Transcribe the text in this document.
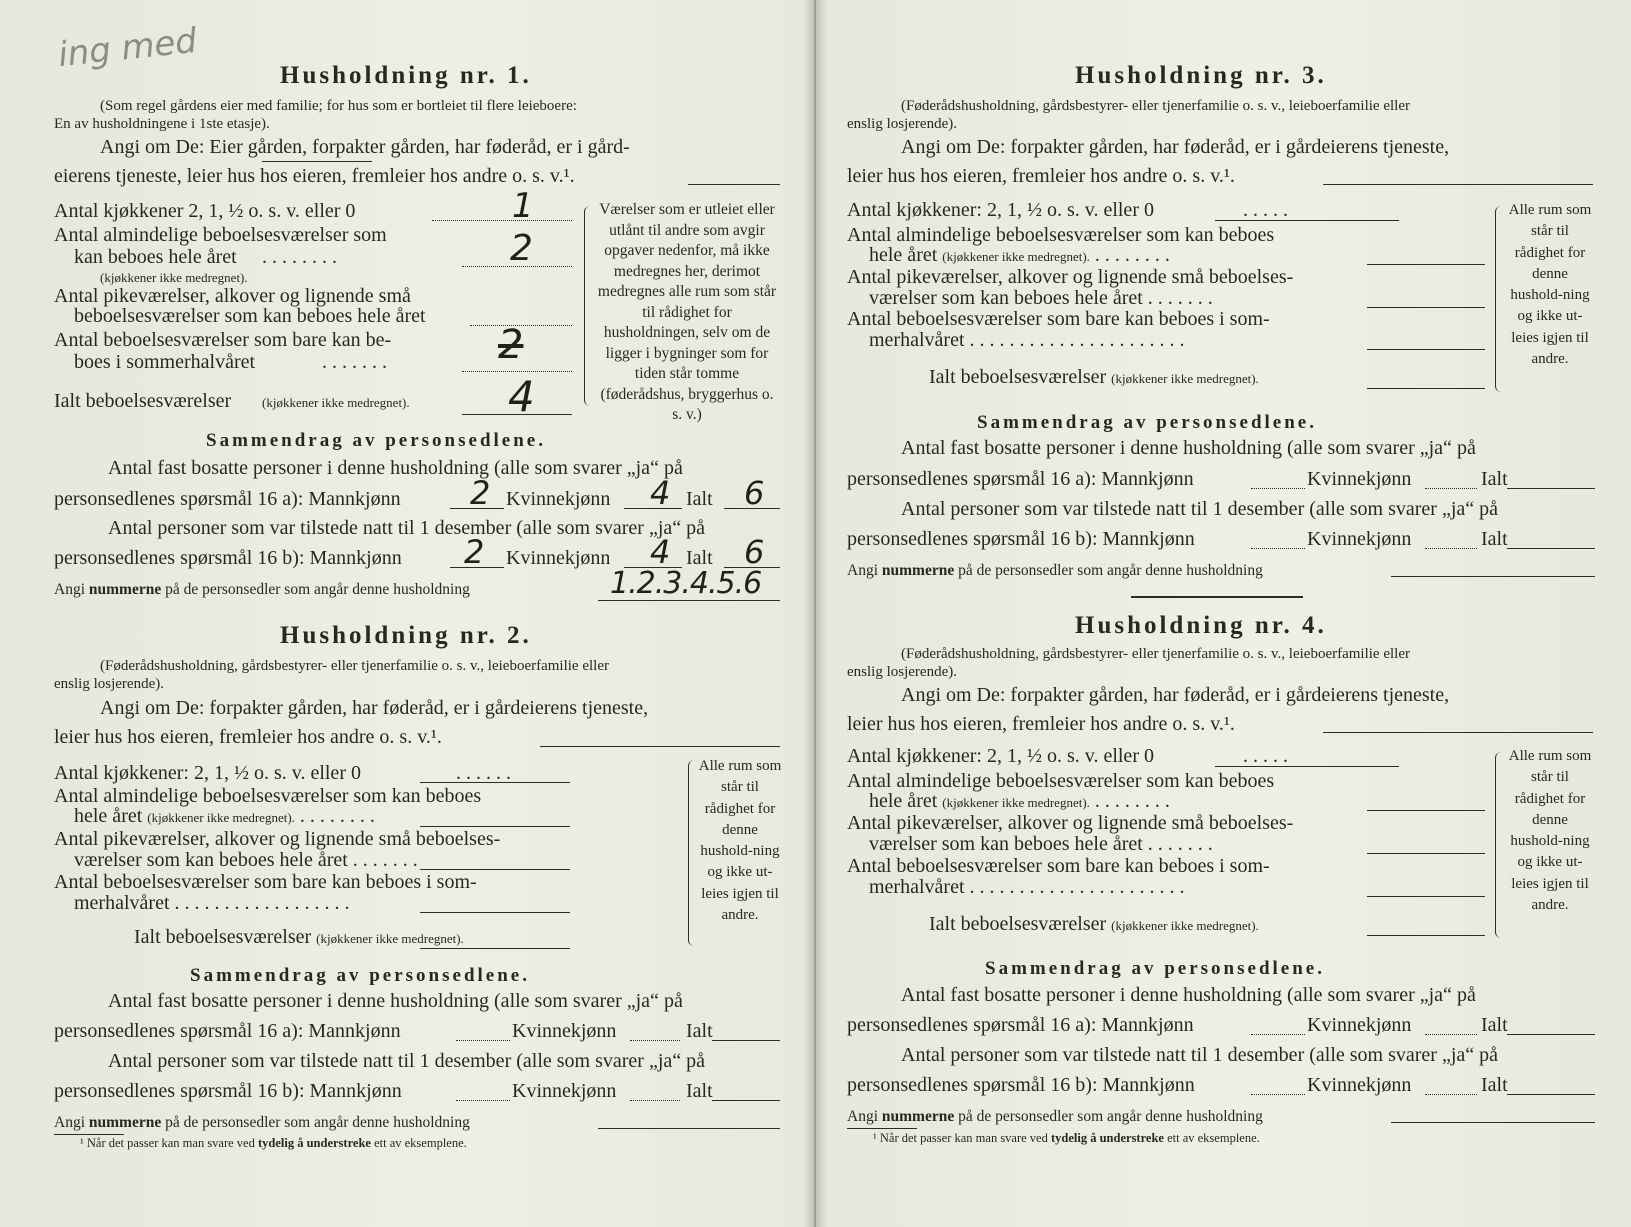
ing med
Husholdning nr. 1.
(Som regel gårdens eier med familie; for hus som er bortleiet til flere leieboere:
En av husholdningene i 1ste etasje).
Angi om De: Eier gården, forpakter gården, har føderåd, er i gård-
eierens tjeneste, leier hus hos eieren, fremleier hos andre o. s. v.¹.
Antal kjøkkener 2, 1, ½ o. s. v. eller 0	1
Antal almindelige beboelsesværelser som
kan beboes hele året . . . . . . . .
(kjøkkener ikke medregnet).
2
Antal pikeværelser, alkover og lignende små
beboelsesværelser som kan beboes hele året
Antal beboelsesværelser som bare kan be-
boes i sommerhalvåret	. . . . . . .	2
Ialt beboelsesværelser (kjøkkener ikke medregnet). 4
Værelser som er utleiet eller utlånt til andre som avgir opgaver nedenfor, må ikke medregnes her, derimot medregnes alle rum som står til rådighet for husholdningen, selv om de ligger i bygninger som for tiden står tomme (føderådshus, bryggerhus o. s. v.)
Sammendrag av personsedlene.
Antal fast bosatte personer i denne husholdning (alle som svarer „ja“ på
personsedlenes spørsmål 16 a): Mannkjønn 2 Kvinnekjønn 4 Ialt 6
Antal personer som var tilstede natt til 1 desember (alle som svarer „ja“ på
personsedlenes spørsmål 16 b): Mannkjønn 2 Kvinnekjønn 4 Ialt 6
Angi nummerne på de personsedler som angår denne husholdning	1.2.3.4.5.6
Husholdning nr. 2.
(Føderådshusholdning, gårdsbestyrer- eller tjenerfamilie o. s. v., leieboerfamilie eller
enslig losjerende).
Angi om De: forpakter gården, har føderåd, er i gårdeierens tjeneste,
leier hus hos eieren, fremleier hos andre o. s. v.¹.
Antal kjøkkener: 2, 1, ½ o. s. v. eller 0	. . . . . .
Antal almindelige beboelsesværelser som kan beboes
hele året (kjøkkener ikke medregnet). . . . . . . . .
Antal pikeværelser, alkover og lignende små beboelses-
værelser som kan beboes hele året . . . . . . .
Antal beboelsesværelser som bare kan beboes i som-
merhalvåret . . . . . . . . . . . . . . . . . .
Ialt beboelsesværelser (kjøkkener ikke medregnet).
Alle rum som står til rådighet for denne hushold-ning og ikke ut-leies igjen til andre.
Sammendrag av personsedlene.
Antal fast bosatte personer i denne husholdning (alle som svarer „ja“ på
personsedlenes spørsmål 16 a): Mannkjønn	Kvinnekjønn	Ialt
Antal personer som var tilstede natt til 1 desember (alle som svarer „ja“ på
personsedlenes spørsmål 16 b): Mannkjønn	Kvinnekjønn	Ialt
Angi nummerne på de personsedler som angår denne husholdning
¹ Når det passer kan man svare ved tydelig å understreke ett av eksemplene.
Husholdning nr. 3.
(Føderådshusholdning, gårdsbestyrer- eller tjenerfamilie o. s. v., leieboerfamilie eller
enslig losjerende).
Angi om De: forpakter gården, har føderåd, er i gårdeierens tjeneste,
leier hus hos eieren, fremleier hos andre o. s. v.¹.
Antal kjøkkener: 2, 1, ½ o. s. v. eller 0	. . . . .
Antal almindelige beboelsesværelser som kan beboes
hele året (kjøkkener ikke medregnet). . . . . . . . .
Antal pikeværelser, alkover og lignende små beboelses-
værelser som kan beboes hele året . . . . . . .
Antal beboelsesværelser som bare kan beboes i som-
merhalvåret . . . . . . . . . . . . . . . . . . . . . .
Ialt beboelsesværelser (kjøkkener ikke medregnet).
Alle rum som står til rådighet for denne hushold-ning og ikke ut-leies igjen til andre.
Sammendrag av personsedlene.
Antal fast bosatte personer i denne husholdning (alle som svarer „ja“ på
personsedlenes spørsmål 16 a): Mannkjønn	Kvinnekjønn	Ialt
Antal personer som var tilstede natt til 1 desember (alle som svarer „ja“ på
personsedlenes spørsmål 16 b): Mannkjønn	Kvinnekjønn	Ialt
Angi nummerne på de personsedler som angår denne husholdning
Husholdning nr. 4.
(Føderådshusholdning, gårdsbestyrer- eller tjenerfamilie o. s. v., leieboerfamilie eller
enslig losjerende).
Angi om De: forpakter gården, har føderåd, er i gårdeierens tjeneste,
leier hus hos eieren, fremleier hos andre o. s. v.¹.
Antal kjøkkener: 2, 1, ½ o. s. v. eller 0	. . . . .
Antal almindelige beboelsesværelser som kan beboes
hele året (kjøkkener ikke medregnet). . . . . . . . .
Antal pikeværelser, alkover og lignende små beboelses-
værelser som kan beboes hele året . . . . . . .
Antal beboelsesværelser som bare kan beboes i som-
merhalvåret . . . . . . . . . . . . . . . . . . . . . .
Ialt beboelsesværelser (kjøkkener ikke medregnet).
Alle rum som står til rådighet for denne hushold-ning og ikke ut-leies igjen til andre.
Sammendrag av personsedlene.
Antal fast bosatte personer i denne husholdning (alle som svarer „ja“ på
personsedlenes spørsmål 16 a): Mannkjønn	Kvinnekjønn	Ialt
Antal personer som var tilstede natt til 1 desember (alle som svarer „ja“ på
personsedlenes spørsmål 16 b): Mannkjønn	Kvinnekjønn	Ialt
Angi nummerne på de personsedler som angår denne husholdning
¹ Når det passer kan man svare ved tydelig å understreke ett av eksemplene.
